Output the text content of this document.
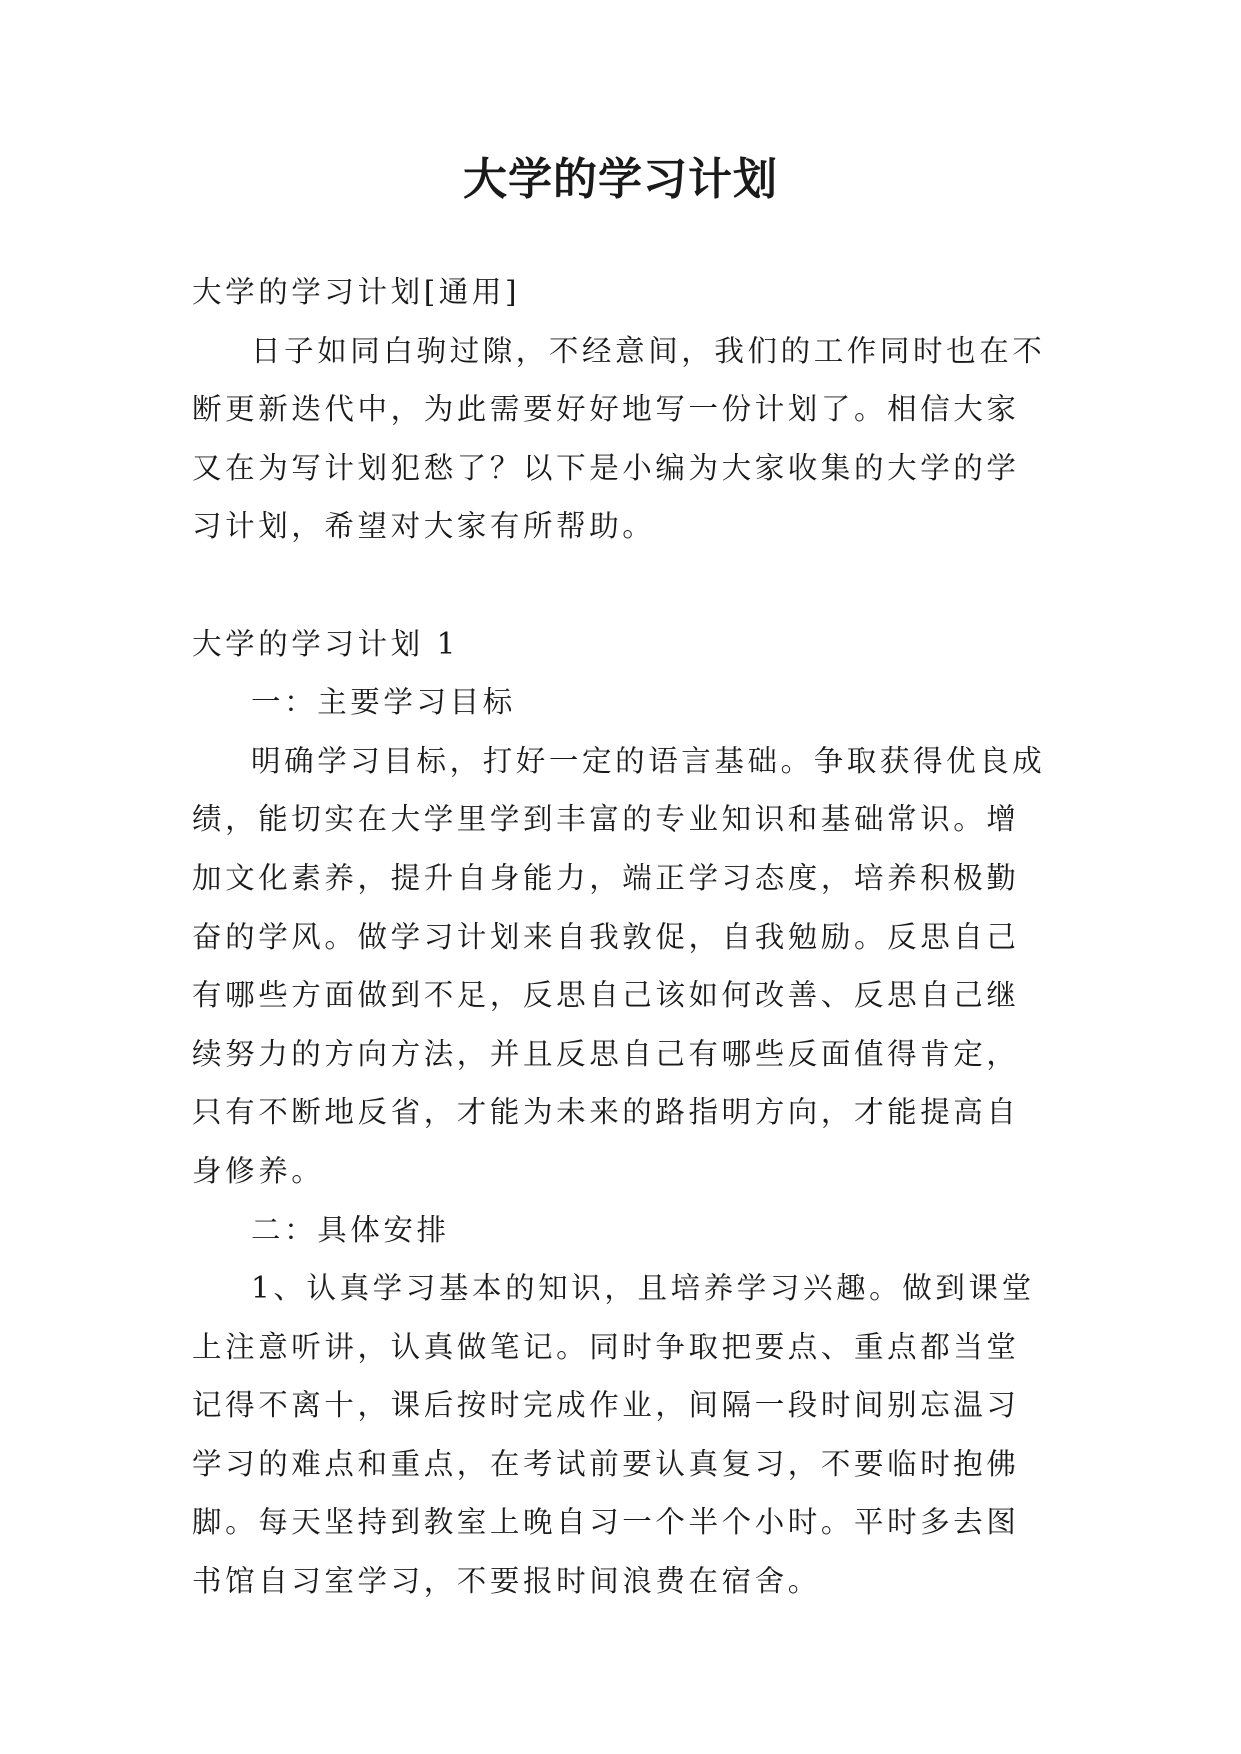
大学的学习计划

大学的学习计划[通用]

日子如同白驹过隙，不经意间，我们的工作同时也在不断更新迭代中，为此需要好好地写一份计划了。相信大家又在为写计划犯愁了？以下是小编为大家收集的大学的学习计划，希望对大家有所帮助。

大学的学习计划 1

一：主要学习目标

明确学习目标，打好一定的语言基础。争取获得优良成绩，能切实在大学里学到丰富的专业知识和基础常识。增加文化素养，提升自身能力，端正学习态度，培养积极勤奋的学风。做学习计划来自我敦促，自我勉励。反思自己有哪些方面做到不足，反思自己该如何改善、反思自己继续努力的方向方法，并且反思自己有哪些反面值得肯定，只有不断地反省，才能为未来的路指明方向，才能提高自身修养。

二：具体安排

1、认真学习基本的知识，且培养学习兴趣。做到课堂上注意听讲，认真做笔记。同时争取把要点、重点都当堂记得不离十，课后按时完成作业，间隔一段时间别忘温习学习的难点和重点，在考试前要认真复习，不要临时抱佛脚。每天坚持到教室上晚自习一个半个小时。平时多去图书馆自习室学习，不要报时间浪费在宿舍。
